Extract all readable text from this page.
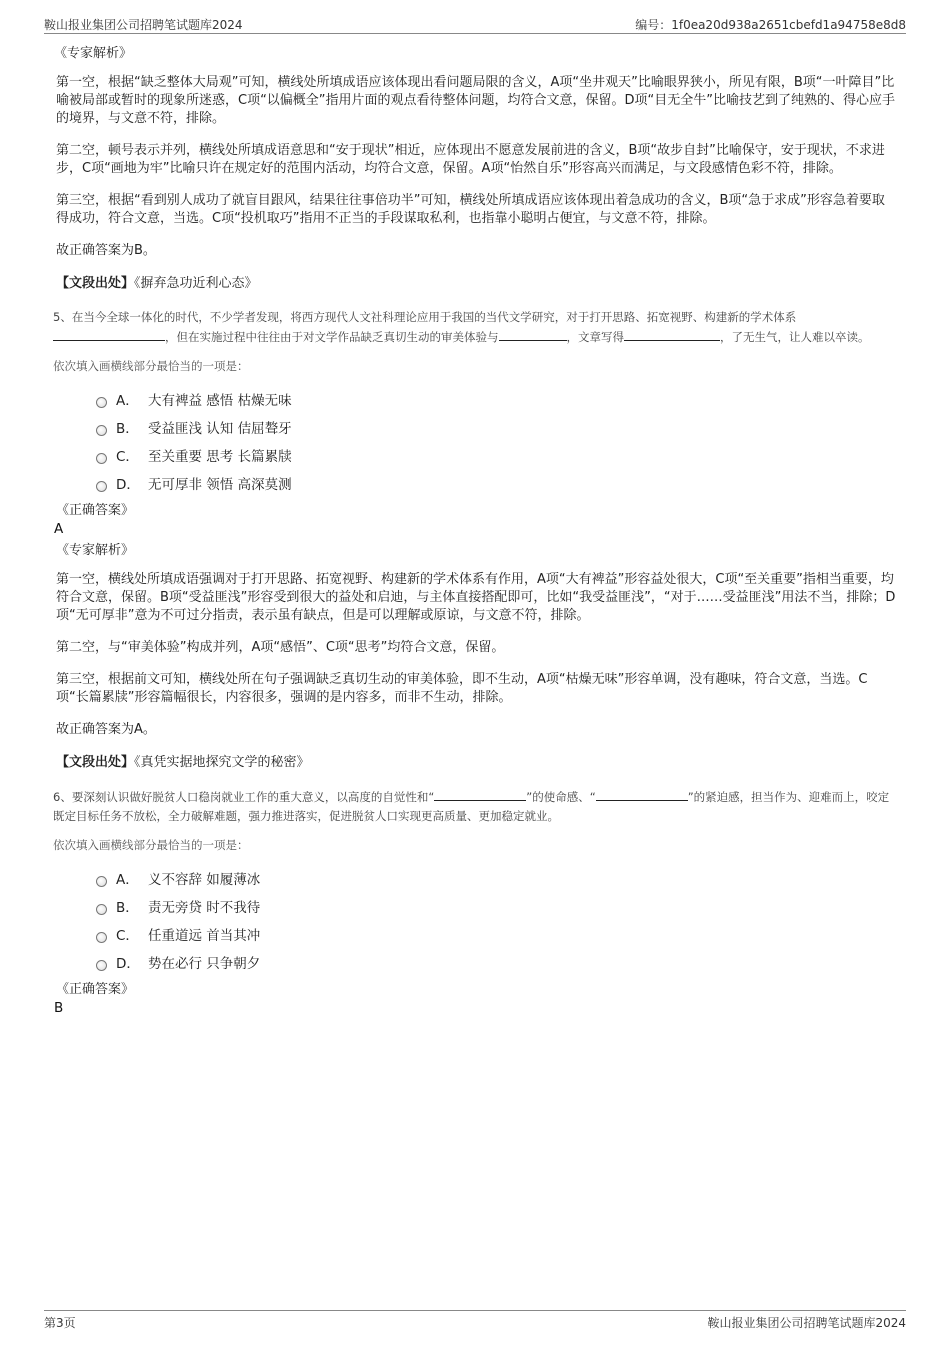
鞍山报业集团公司招聘笔试题库2024	编号：1f0ea20d938a2651cbefd1a94758e8d8
《专家解析》

第一空，根据“缺乏整体大局观”可知，横线处所填成语应该体现出看问题局限的含义，A项“坐井观天”比喻眼界狭小，所见有限，B项“一叶障目”比喻被局部或暂时的现象所迷惑，C项“以偏概全”指用片面的观点看待整体问题，均符合文意，保留。D项“目无全牛”比喻技艺到了纯熟的、得心应手的境界，与文意不符，排除。

第二空，顿号表示并列，横线处所填成语意思和“安于现状”相近，应体现出不愿意发展前进的含义，B项“故步自封”比喻保守，安于现状，不求进步，C项“画地为牢”比喻只许在规定好的范围内活动，均符合文意，保留。A项“怡然自乐”形容高兴而满足，与文段感情色彩不符，排除。

第三空，根据“看到别人成功了就盲目跟风，结果往往事倍功半”可知，横线处所填成语应该体现出着急成功的含义，B项“急于求成”形容急着要取得成功，符合文意，当选。C项“投机取巧”指用不正当的手段谋取私利，也指靠小聪明占便宜，与文意不符，排除。

故正确答案为B。

【文段出处】《摒弃急功近利心态》
5、在当今全球一体化的时代，不少学者发现，将西方现代人文社科理论应用于我国的当代文学研究，对于打开思路、拓宽视野、构建新的学术体系，但在实施过程中往往由于对文学作品缺乏真切生动的审美体验与	，文章写得	，了无生气，让人难以卒读。
依次填入画横线部分最恰当的一项是：
A． 大有裨益 感悟 枯燥无味
B． 受益匪浅 认知 佶屈聱牙
C． 至关重要 思考 长篇累牍
D． 无可厚非 领悟 高深莫测
《正确答案》
A
《专家解析》

第一空，横线处所填成语强调对于打开思路、拓宽视野、构建新的学术体系有作用，A项“大有裨益”形容益处很大，C项“至关重要”指相当重要，均符合文意，保留。B项“受益匪浅”形容受到很大的益处和启迪，与主体直接搭配即可，比如“我受益匪浅”，“对于……受益匪浅”用法不当，排除；D项“无可厚非”意为不可过分指责，表示虽有缺点，但是可以理解或原谅，与文意不符，排除。

第二空，与“审美体验”构成并列，A项“感悟”、C项“思考”均符合文意，保留。

第三空，根据前文可知，横线处所在句子强调缺乏真切生动的审美体验，即不生动，A项“枯燥无味”形容单调，没有趣味，符合文意，当选。C项“长篇累牍”形容篇幅很长，内容很多，强调的是内容多，而非不生动，排除。

故正确答案为A。

【文段出处】《真凭实据地探究文学的秘密》
6、要深刻认识做好脱贫人口稳岗就业工作的重大意义，以高度的自觉性和“	”的使命感、“	”的紧迫感，担当作为、迎难而上，咬定既定目标任务不放松，全力破解难题，强力推进落实，促进脱贫人口实现更高质量、更加稳定就业。
依次填入画横线部分最恰当的一项是：
A． 义不容辞 如履薄冰
B． 责无旁贷 时不我待
C． 任重道远 首当其冲
D． 势在必行 只争朝夕
《正确答案》
B
第3页	鞍山报业集团公司招聘笔试题库2024
